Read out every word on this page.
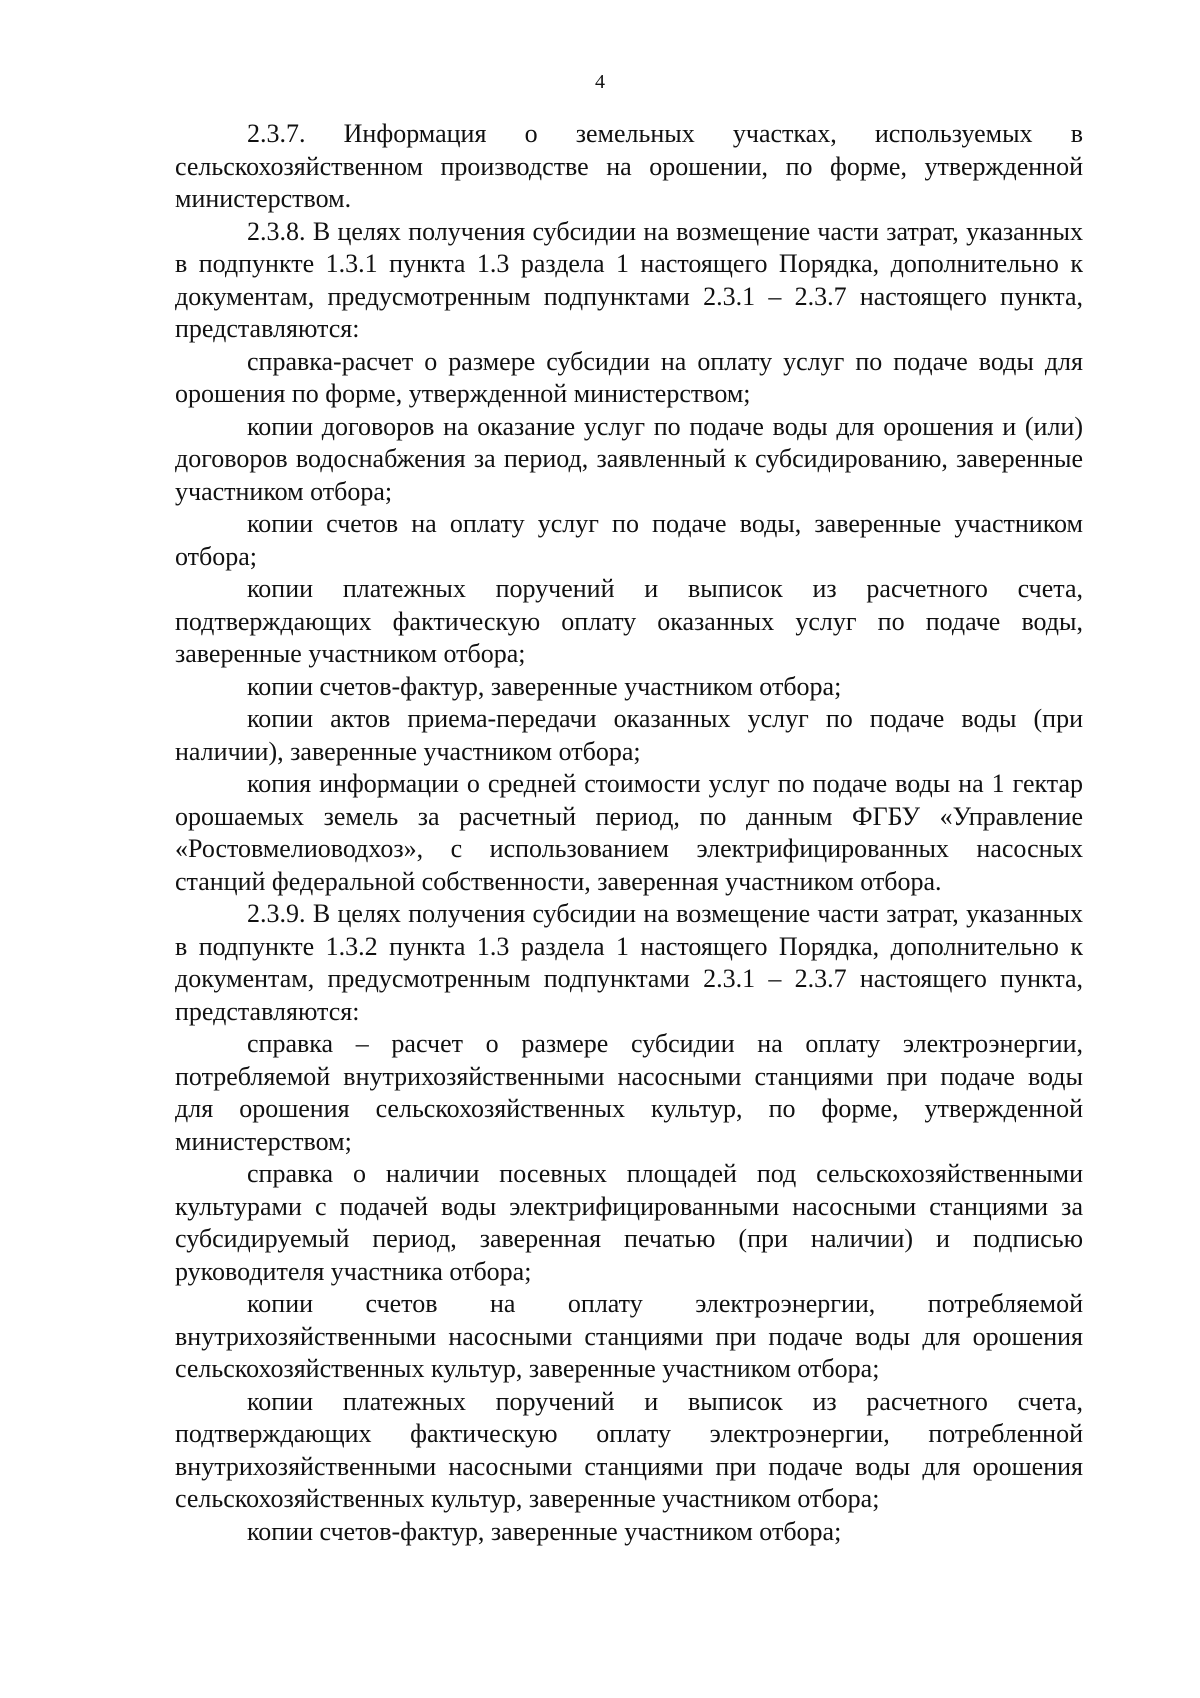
4

2.3.7. Информация о земельных участках, используемых в сельскохозяйственном производстве на орошении, по форме, утвержденной министерством.

2.3.8. В целях получения субсидии на возмещение части затрат, указанных в подпункте 1.3.1 пункта 1.3 раздела 1 настоящего Порядка, дополнительно к документам, предусмотренным подпунктами 2.3.1 – 2.3.7 настоящего пункта, представляются:

справка-расчет о размере субсидии на оплату услуг по подаче воды для орошения по форме, утвержденной министерством;

копии договоров на оказание услуг по подаче воды для орошения и (или) договоров водоснабжения за период, заявленный к субсидированию, заверенные участником отбора;

копии счетов на оплату услуг по подаче воды, заверенные участником отбора;

копии платежных поручений и выписок из расчетного счета, подтверждающих фактическую оплату оказанных услуг по подаче воды, заверенные участником отбора;

копии счетов-фактур, заверенные участником отбора;

копии актов приема-передачи оказанных услуг по подаче воды (при наличии), заверенные участником отбора;

копия информации о средней стоимости услуг по подаче воды на 1 гектар орошаемых земель за расчетный период, по данным ФГБУ «Управление «Ростовмелиоводхоз», с использованием электрифицированных насосных станций федеральной собственности, заверенная участником отбора.

2.3.9. В целях получения субсидии на возмещение части затрат, указанных в подпункте 1.3.2 пункта 1.3 раздела 1 настоящего Порядка, дополнительно к документам, предусмотренным подпунктами 2.3.1 – 2.3.7 настоящего пункта, представляются:

справка – расчет о размере субсидии на оплату электроэнергии, потребляемой внутрихозяйственными насосными станциями при подаче воды для орошения сельскохозяйственных культур, по форме, утвержденной министерством;

справка о наличии посевных площадей под сельскохозяйственными культурами с подачей воды электрифицированными насосными станциями за субсидируемый период, заверенная печатью (при наличии) и подписью руководителя участника отбора;

копии счетов на оплату электроэнергии, потребляемой внутрихозяйственными насосными станциями при подаче воды для орошения сельскохозяйственных культур, заверенные участником отбора;

копии платежных поручений и выписок из расчетного счета, подтверждающих фактическую оплату электроэнергии, потребленной внутрихозяйственными насосными станциями при подаче воды для орошения сельскохозяйственных культур, заверенные участником отбора;

копии счетов-фактур, заверенные участником отбора;
